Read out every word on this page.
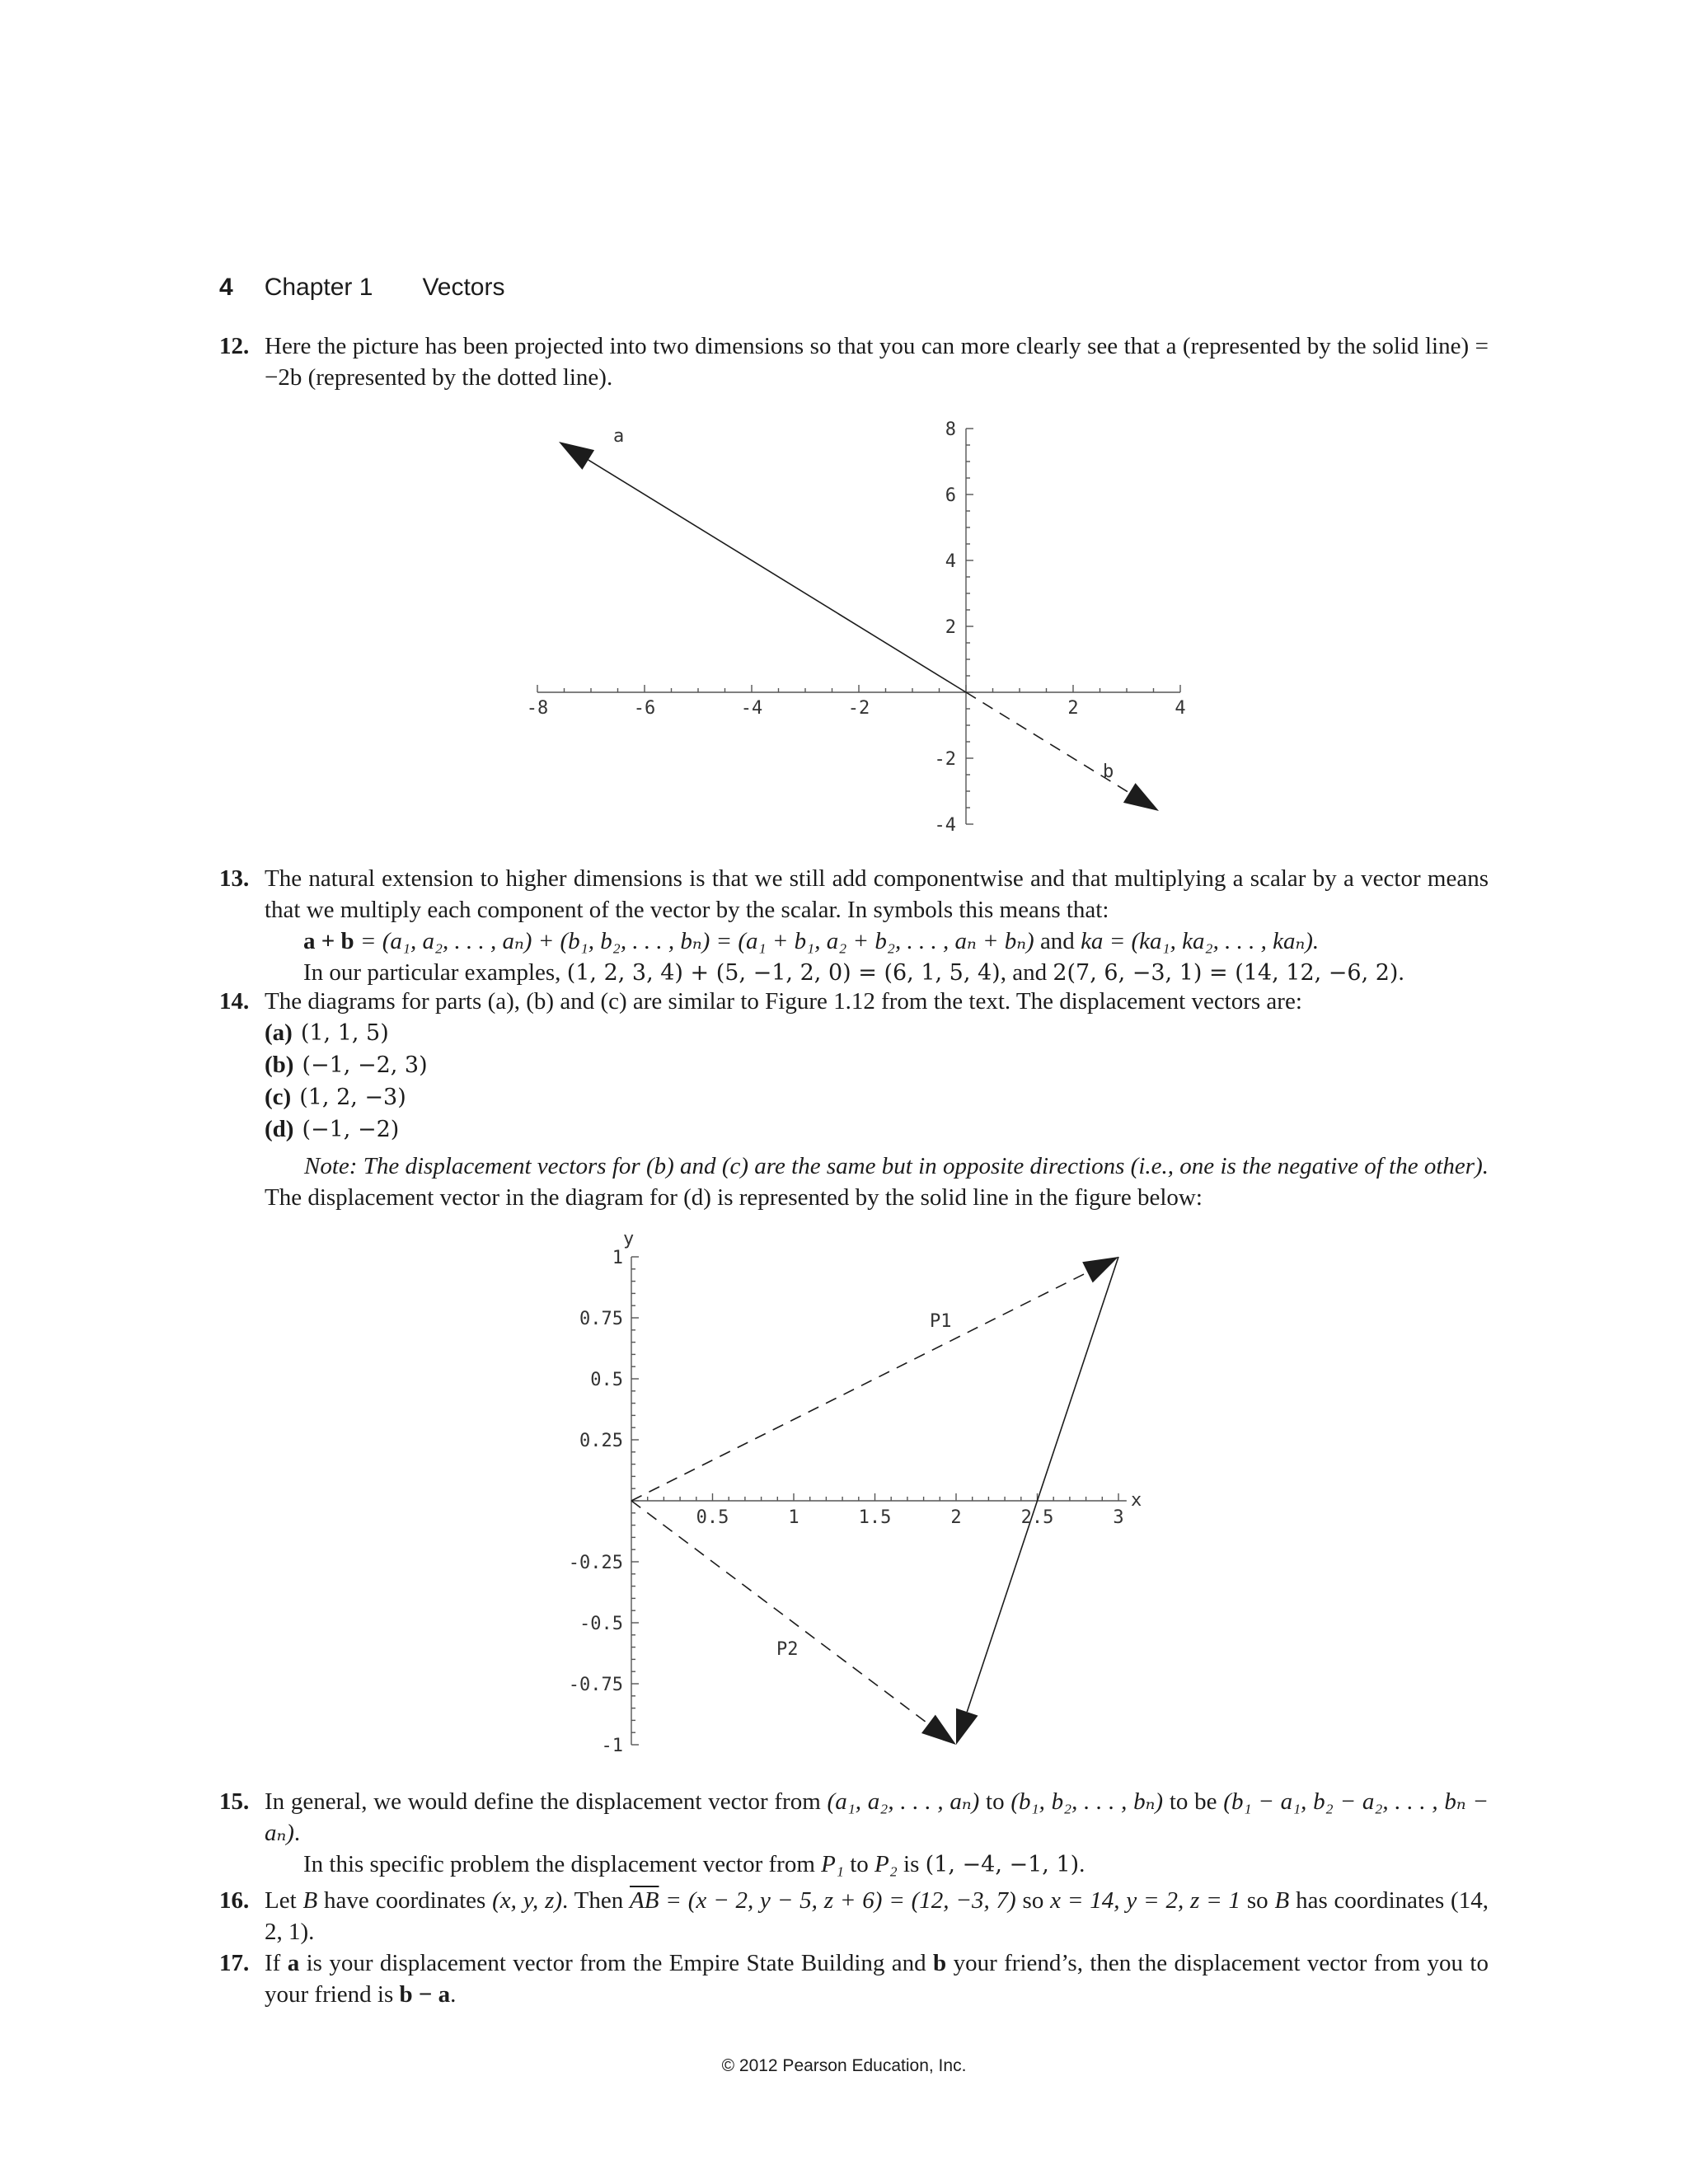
4 Chapter 1 Vectors
12. Here the picture has been projected into two dimensions so that you can more clearly see that a (represented by the solid line) = −2b (represented by the dotted line).
-8	-6	-4	-2	2	4
8
6
4
2
-2
-4
a
b
13. The natural extension to higher dimensions is that we still add componentwise and that multiplying a scalar by a vector means that we multiply each component of the vector by the scalar. In symbols this means that:
a + b = (a₁, a₂, . . . , aₙ) + (b₁, b₂, . . . , bₙ) = (a₁ + b₁, a₂ + b₂, . . . , aₙ + bₙ) and ka = (ka₁, ka₂, . . . , kaₙ).
In our particular examples, (1, 2, 3, 4) + (5, −1, 2, 0) = (6, 1, 5, 4), and 2(7, 6, −3, 1) = (14, 12, −6, 2).
14. The diagrams for parts (a), (b) and (c) are similar to Figure 1.12 from the text. The displacement vectors are:
(a) (1, 1, 5)
(b) (−1, −2, 3)
(c) (1, 2, −3)
(d) (−1, −2)
Note: The displacement vectors for (b) and (c) are the same but in opposite directions (i.e., one is the negative of the other). The displacement vector in the diagram for (d) is represented by the solid line in the figure below:
0.5	1	1.5	2	2.5	3
1
0.75
0.5
0.25
-0.25
-0.5
-0.75
-1
y
x
P1
P2
15. In general, we would define the displacement vector from (a₁, a₂, . . . , aₙ) to (b₁, b₂, . . . , bₙ) to be (b₁ − a₁, b₂ − a₂, . . . , bₙ − aₙ).
In this specific problem the displacement vector from P₁ to P₂ is (1, −4, −1, 1).
16. Let B have coordinates (x, y, z). Then $\overline{AB} = (x - 2$, y − 5, z + 6) = (12, −3, 7) so x = 14, y = 2, z = 1 so B has coordinates (14, 2, 1).
17. If a is your displacement vector from the Empire State Building and b your friend’s, then the displacement vector from you to your friend is b − a.
© 2012 Pearson Education, Inc.
